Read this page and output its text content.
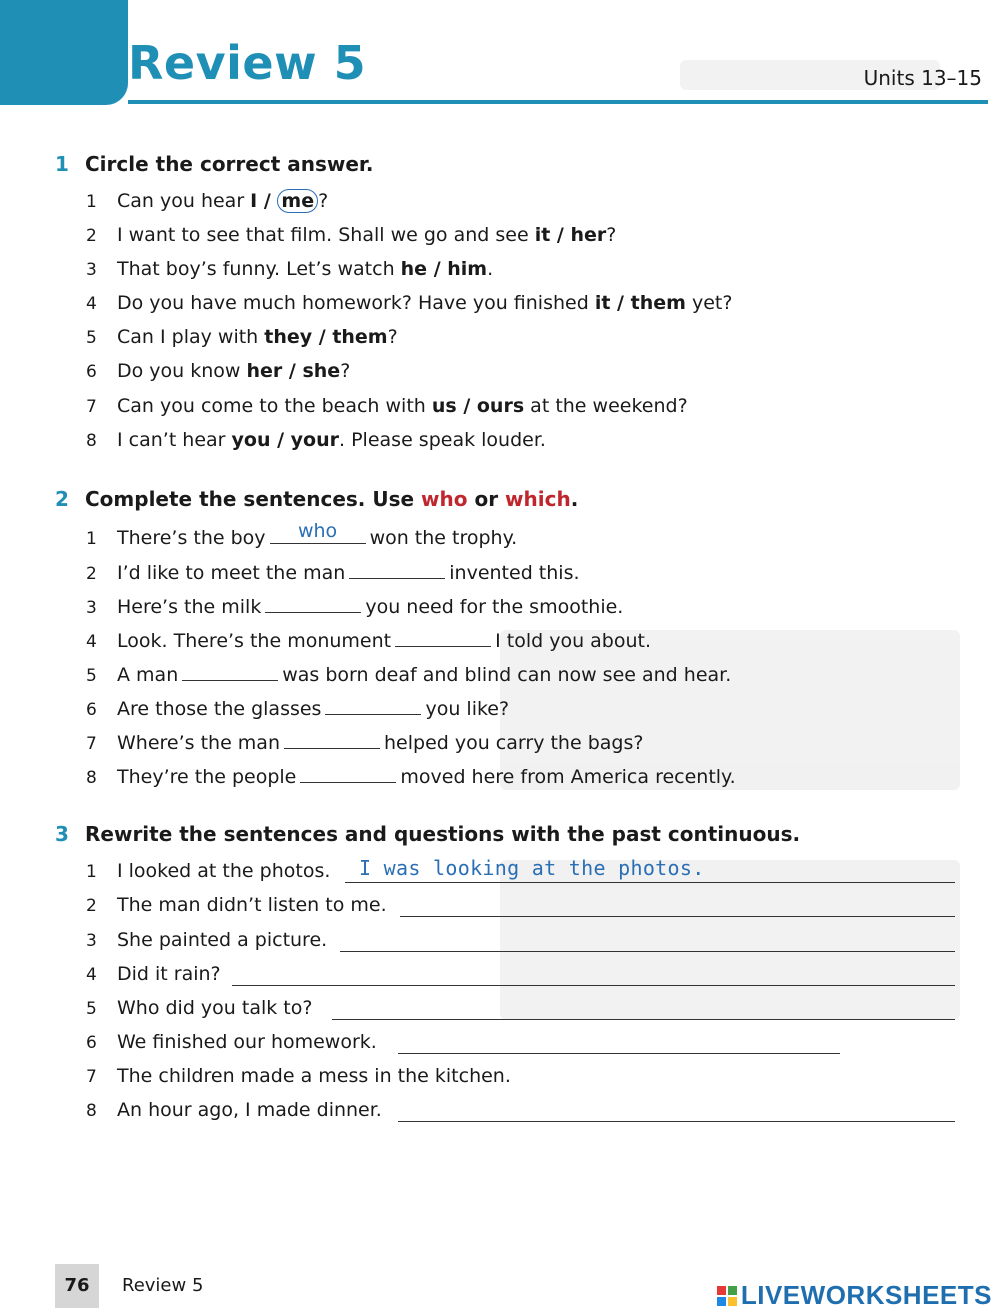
Review 5	Units 13–15
1 Circle the correct answer.
1 Can you hear I / me ?
2 I want to see that film. Shall we go and see it / her?
3 That boy’s funny. Let’s watch he / him.
4 Do you have much homework? Have you finished it / them yet?
5 Can I play with they / them?
6 Do you know her / she?
7 Can you come to the beach with us / ours at the weekend?
8 I can’t hear you / your. Please speak louder.
2 Complete the sentences. Use who or which.
1 There’s the boy	who	won the trophy.
2 I’d like to meet the man	invented this.
3 Here’s the milk	you need for the smoothie.
4 Look. There’s the monument	I told you about.
5 A man	was born deaf and blind can now see and hear.
6 Are those the glasses	you like?
7 Where’s the man	helped you carry the bags?
8 They’re the people	moved here from America recently.
3 Rewrite the sentences and questions with the past continuous.
1 I looked at the photos. I was looking at the photos.
2 The man didn’t listen to me.
3 She painted a picture.
4 Did it rain?
5 Who did you talk to?
6 We finished our homework.
7 The children made a mess in the kitchen.
8 An hour ago, I made dinner.
76	Review 5	LIVEWORKSHEETS
